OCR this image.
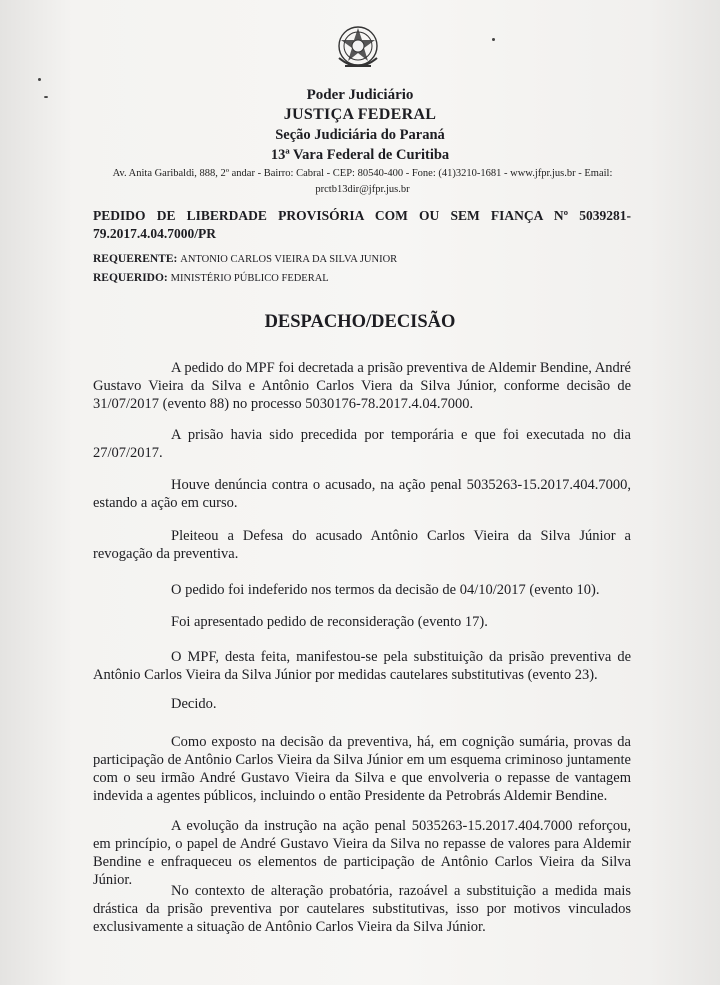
Poder Judiciário
JUSTIÇA FEDERAL
Seção Judiciária do Paraná
13ª Vara Federal de Curitiba
Av. Anita Garibaldi, 888, 2º andar - Bairro: Cabral - CEP: 80540-400 - Fone: (41)3210-1681 - www.jfpr.jus.br - Email:
prctb13dir@jfpr.jus.br
PEDIDO DE LIBERDADE PROVISÓRIA COM OU SEM FIANÇA Nº 5039281-79.2017.4.04.7000/PR
REQUERENTE: ANTONIO CARLOS VIEIRA DA SILVA JUNIOR
REQUERIDO: MINISTÉRIO PÚBLICO FEDERAL
DESPACHO/DECISÃO
A pedido do MPF foi decretada a prisão preventiva de Aldemir Bendine, André Gustavo Vieira da Silva e Antônio Carlos Viera da Silva Júnior, conforme decisão de 31/07/2017 (evento 88) no processo 5030176-78.2017.4.04.7000.
A prisão havia sido precedida por temporária e que foi executada no dia 27/07/2017.
Houve denúncia contra o acusado, na ação penal 5035263-15.2017.404.7000, estando a ação em curso.
Pleiteou a Defesa do acusado Antônio Carlos Vieira da Silva Júnior a revogação da preventiva.
O pedido foi indeferido nos termos da decisão de 04/10/2017 (evento 10).
Foi apresentado pedido de reconsideração (evento 17).
O MPF, desta feita, manifestou-se pela substituição da prisão preventiva de Antônio Carlos Vieira da Silva Júnior por medidas cautelares substitutivas (evento 23).
Decido.
Como exposto na decisão da preventiva, há, em cognição sumária, provas da participação de Antônio Carlos Vieira da Silva Júnior em um esquema criminoso juntamente com o seu irmão André Gustavo Vieira da Silva e que envolveria o repasse de vantagem indevida a agentes públicos, incluindo o então Presidente da Petrobrás Aldemir Bendine.
A evolução da instrução na ação penal 5035263-15.2017.404.7000 reforçou, em princípio, o papel de André Gustavo Vieira da Silva no repasse de valores para Aldemir Bendine e enfraqueceu os elementos de participação de Antônio Carlos Vieira da Silva Júnior.
No contexto de alteração probatória, razoável a substituição a medida mais drástica da prisão preventiva por cautelares substitutivas, isso por motivos vinculados exclusivamente a situação de Antônio Carlos Vieira da Silva Júnior.
